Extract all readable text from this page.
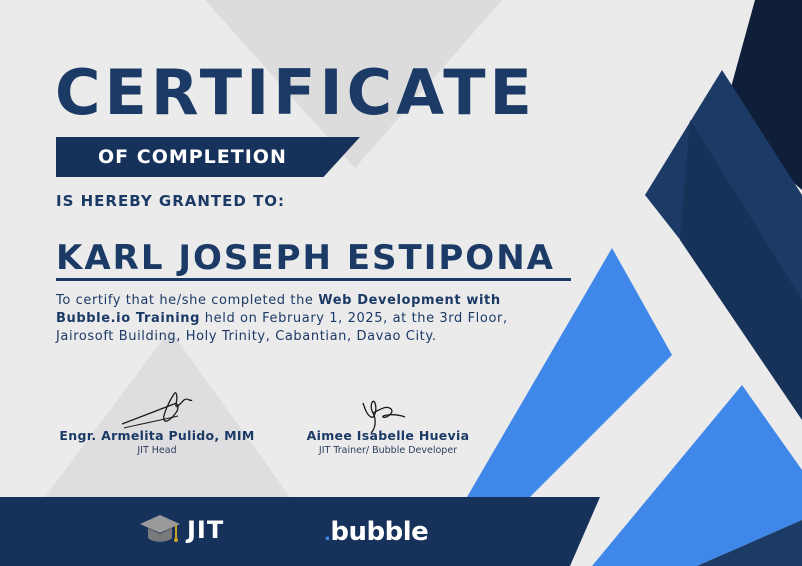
CERTIFICATE
OF COMPLETION
IS HEREBY GRANTED TO:
KARL JOSEPH ESTIPONA
To certify that he/she completed the Web Development with Bubble.io Training held on February 1, 2025, at the 3rd Floor, Jairosoft Building, Holy Trinity, Cabantian, Davao City.
Engr. Armelita Pulido, MIM
JIT Head
Aimee Isabelle Huevia
JIT Trainer/ Bubble Developer
JIT	.bubble
